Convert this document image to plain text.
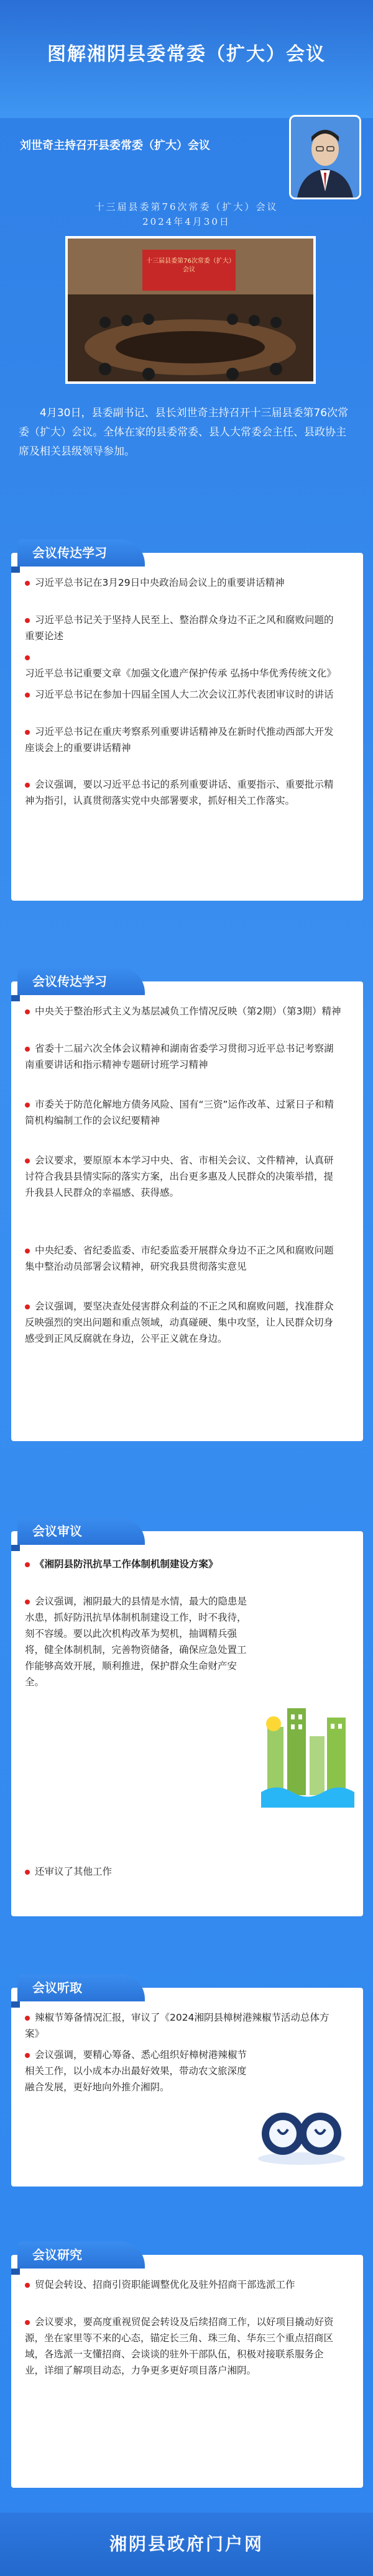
图解湘阴县委常委（扩大）会议
刘世奇主持召开县委常委（扩大）会议
十三届县委第76次常委（扩大）会议
2024年4月30日
十三届县委第76次常委（扩大）会议
4月30日，县委副书记、县长刘世奇主持召开十三届县委第76次常委（扩大）会议。全体在家的县委常委、县人大常委会主任、县政协主席及相关县级领导参加。
会议传达学习
习近平总书记在3月29日中央政治局会议上的重要讲话精神
习近平总书记关于坚持人民至上、整治群众身边不正之风和腐败问题的重要论述
习近平总书记重要文章《加强文化遗产保护传承 弘扬中华优秀传统文化》
习近平总书记在参加十四届全国人大二次会议江苏代表团审议时的讲话
习近平总书记在重庆考察系列重要讲话精神及在新时代推动西部大开发座谈会上的重要讲话精神
会议强调，要以习近平总书记的系列重要讲话、重要指示、重要批示精神为指引，认真贯彻落实党中央部署要求，抓好相关工作落实。
会议传达学习
中央关于整治形式主义为基层减负工作情况反映（第2期）（第3期）精神
省委十二届六次全体会议精神和湖南省委学习贯彻习近平总书记考察湖南重要讲话和指示精神专题研讨班学习精神
市委关于防范化解地方债务风险、国有“三资”运作改革、过紧日子和精简机构编制工作的会议纪要精神
会议要求，要原原本本学习中央、省、市相关会议、文件精神，认真研讨符合我县县情实际的落实方案，出台更多惠及人民群众的决策举措，提升我县人民群众的幸福感、获得感。
中央纪委、省纪委监委、市纪委监委开展群众身边不正之风和腐败问题集中整治动员部署会议精神，研究我县贯彻落实意见
会议强调，要坚决查处侵害群众利益的不正之风和腐败问题，找准群众反映强烈的突出问题和重点领域，动真碰硬、集中攻坚，让人民群众切身感受到正风反腐就在身边，公平正义就在身边。
会议审议
《湘阴县防汛抗旱工作体制机制建设方案》
会议强调，湘阴最大的县情是水情，最大的隐患是水患，抓好防汛抗旱体制机制建设工作，时不我待，刻不容缓。要以此次机构改革为契机，抽调精兵强将，健全体制机制，完善物资储备，确保应急处置工作能够高效开展，顺利推进，保护群众生命财产安全。
还审议了其他工作
会议听取
辣椒节筹备情况汇报，审议了《2024湘阴县樟树港辣椒节活动总体方案》
会议强调，要精心筹备、悉心组织好樟树港辣椒节相关工作，以小成本办出最好效果，带动农文旅深度融合发展，更好地向外推介湘阴。
会议研究
贸促会转设、招商引资职能调整优化及驻外招商干部选派工作
会议要求，要高度重视贸促会转设及后续招商工作，以好项目撬动好资源，坐在家里等不来的心态，锚定长三角、珠三角、华东三个重点招商区域，各选派一支懂招商、会谈谈的驻外干部队伍，积极对接联系服务企业，详细了解项目动态，力争更多更好项目落户湘阴。
湘阴县政府门户网
